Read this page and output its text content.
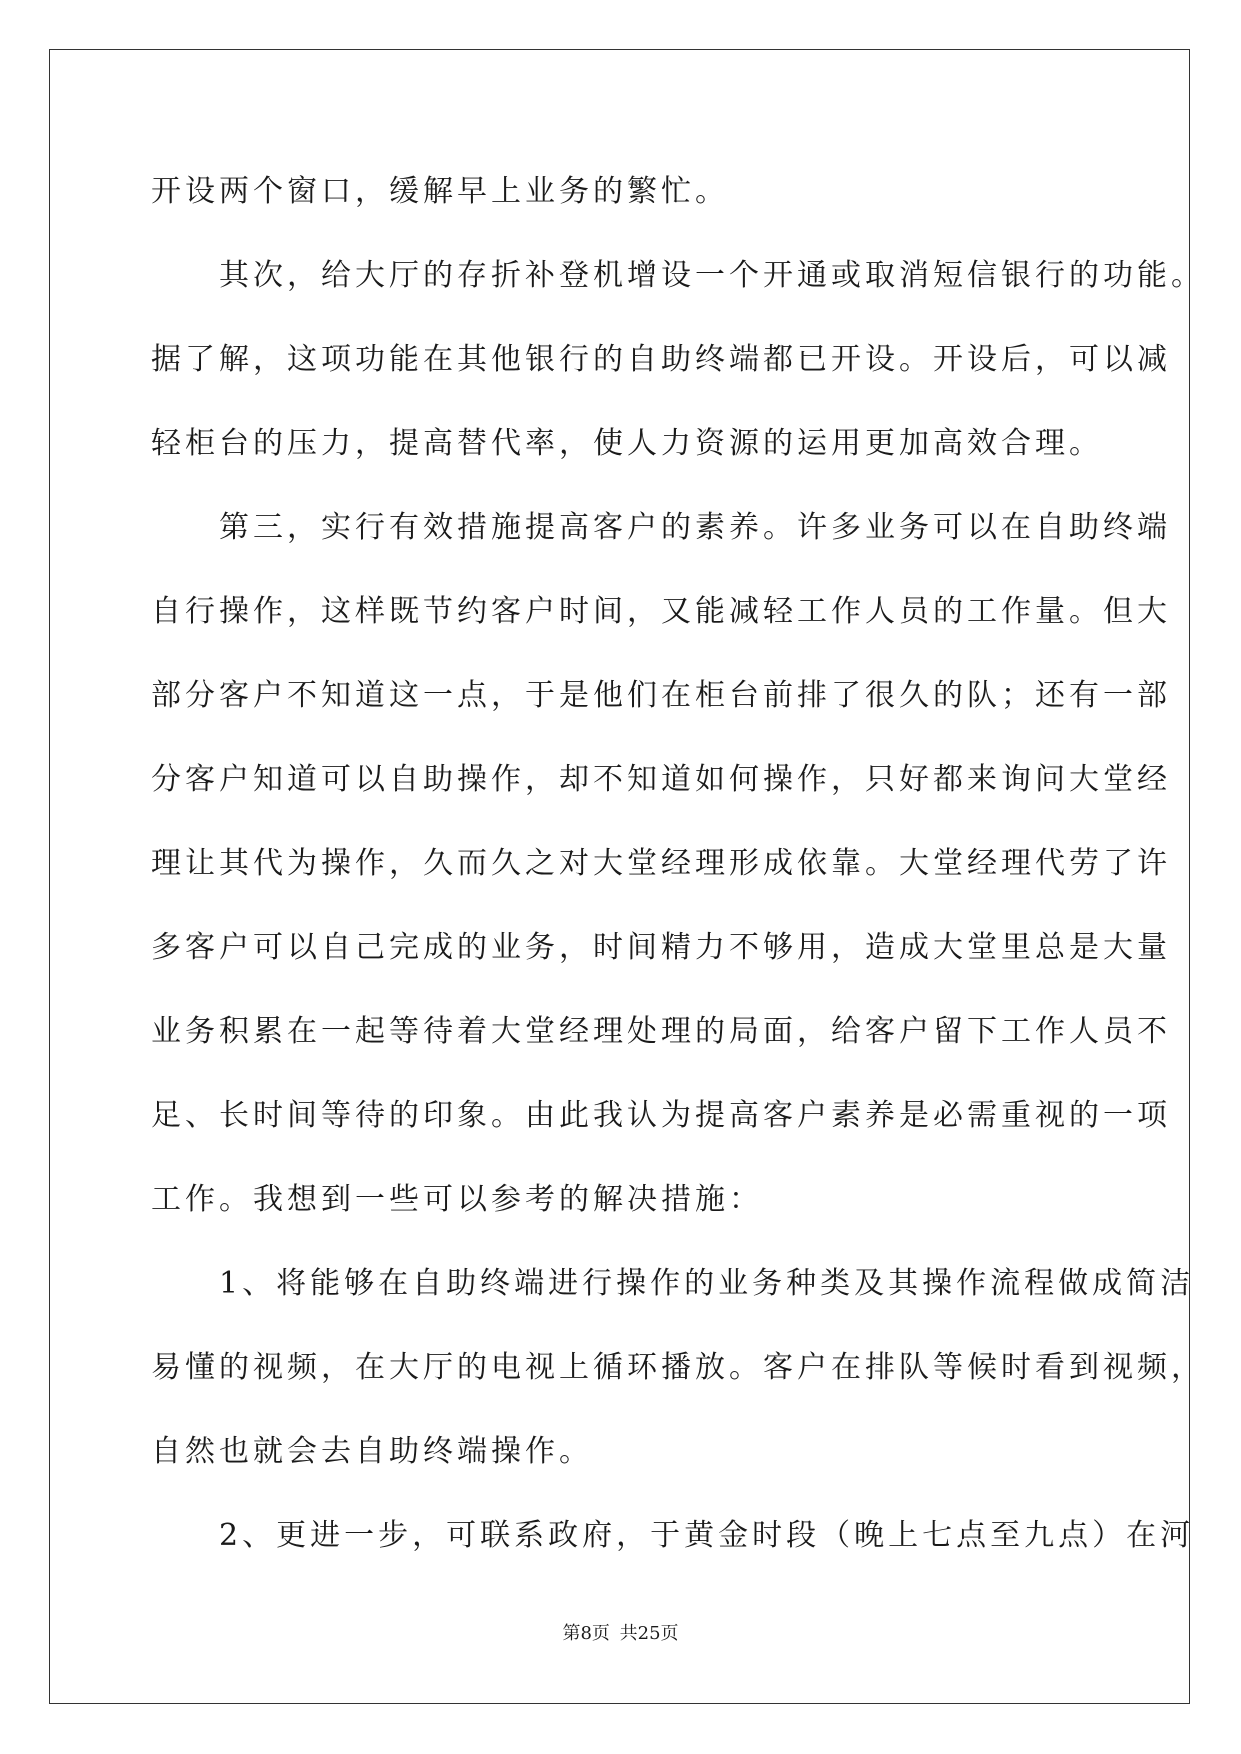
开设两个窗口，缓解早上业务的繁忙。
　　其次，给大厅的存折补登机增设一个开通或取消短信银行的功能。
据了解，这项功能在其他银行的自助终端都已开设。开设后，可以减
轻柜台的压力，提高替代率，使人力资源的运用更加高效合理。
　　第三，实行有效措施提高客户的素养。许多业务可以在自助终端
自行操作，这样既节约客户时间，又能减轻工作人员的工作量。但大
部分客户不知道这一点，于是他们在柜台前排了很久的队；还有一部
分客户知道可以自助操作，却不知道如何操作，只好都来询问大堂经
理让其代为操作，久而久之对大堂经理形成依靠。大堂经理代劳了许
多客户可以自己完成的业务，时间精力不够用，造成大堂里总是大量
业务积累在一起等待着大堂经理处理的局面，给客户留下工作人员不
足、长时间等待的印象。由此我认为提高客户素养是必需重视的一项
工作。我想到一些可以参考的解决措施：
　　1、将能够在自助终端进行操作的业务种类及其操作流程做成简洁
易懂的视频，在大厅的电视上循环播放。客户在排队等候时看到视频，
自然也就会去自助终端操作。
　　2、更进一步，可联系政府，于黄金时段（晚上七点至九点）在河
第8页 共25页
